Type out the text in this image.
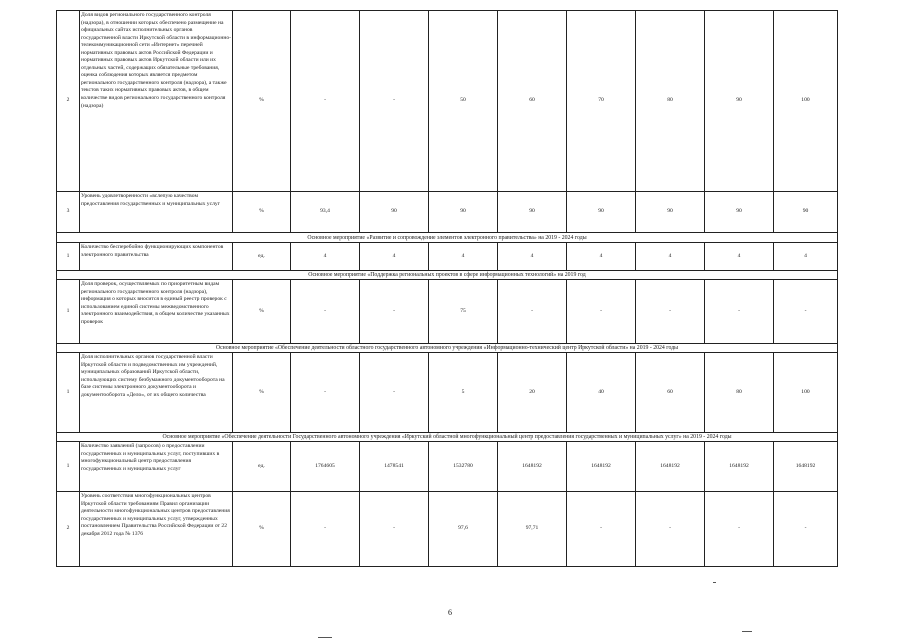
2	Доля видов регионального государственного контроля (надзора), в отношении которых обеспечено размещение на официальных сайтах исполнительных органов государственной власти Иркутской области в информационно-телекоммуникационной сети «Интернет» перечней нормативных правовых актов Российской Федерации и нормативных правовых актов Иркутской области или их отдельных частей, содержащих обязательные требования, оценка соблюдения которых является предметом регионального государственного контроля (надзора), а также текстов таких нормативных правовых актов, в общем количестве видов регионального государственного контроля (надзора)	%	-	-	50	60	70	80	90	100
3	Уровень удовлетворенности «вслепую качеством предоставления государственных и муниципальных услуг	%	93,4	90	90	90	90	90	90	90
Основное мероприятие «Развитие и сопровождение элементов электронного правительства» на 2019 - 2024 годы										
1	Количество бесперебойно функционирующих компонентов электронного правительства	ед.	4	4	4	4	4	4	4	4
Основное мероприятие «Поддержка региональных проектов в сфере информационных технологий» на 2019 год										
1	Доля проверок, осуществляемых по приоритетным видам регионального государственного контроля (надзора), информация о которых вносится в единый реестр проверок с использованием единой системы межведомственного электронного взаимодействия, в общем количестве указанных проверок	%	-	-	75	-	-	-	-	-
Основное мероприятие «Обеспечение деятельности областного государственного автономного учреждения «Информационно-технический центр Иркутской области» на 2019 - 2024 годы										
1	Доля исполнительных органов государственной власти Иркутской области и подведомственных им учреждений, муниципальных образований Иркутской области, использующих систему безбумажного документооборота на базе системы электронного документооборота и документооборота «Дело», от их общего количества	%	-	-	5	20	40	60	80	100
Основное мероприятие «Обеспечение деятельности Государственного автономного учреждения «Иркутский областной многофункциональный центр предоставления государственных и муниципальных услуг» на 2019 - 2024 годы										
1	Количество заявлений (запросов) о предоставлении государственных и муниципальных услуг, поступивших в многофункциональный центр предоставления государственных и муниципальных услуг	ед.	1764605	1478541	1532780	1648192	1648192	1648192	1648192	1648192
2	Уровень соответствия многофункциональных центров Иркутской области требованиям Правил организации деятельности многофункциональных центров предоставления государственных и муниципальных услуг, утвержденных постановлением Правительства Российской Федерации от 22 декабря 2012 года № 1376	%	-	-	97,6	97,71	-	-	-	-
6
